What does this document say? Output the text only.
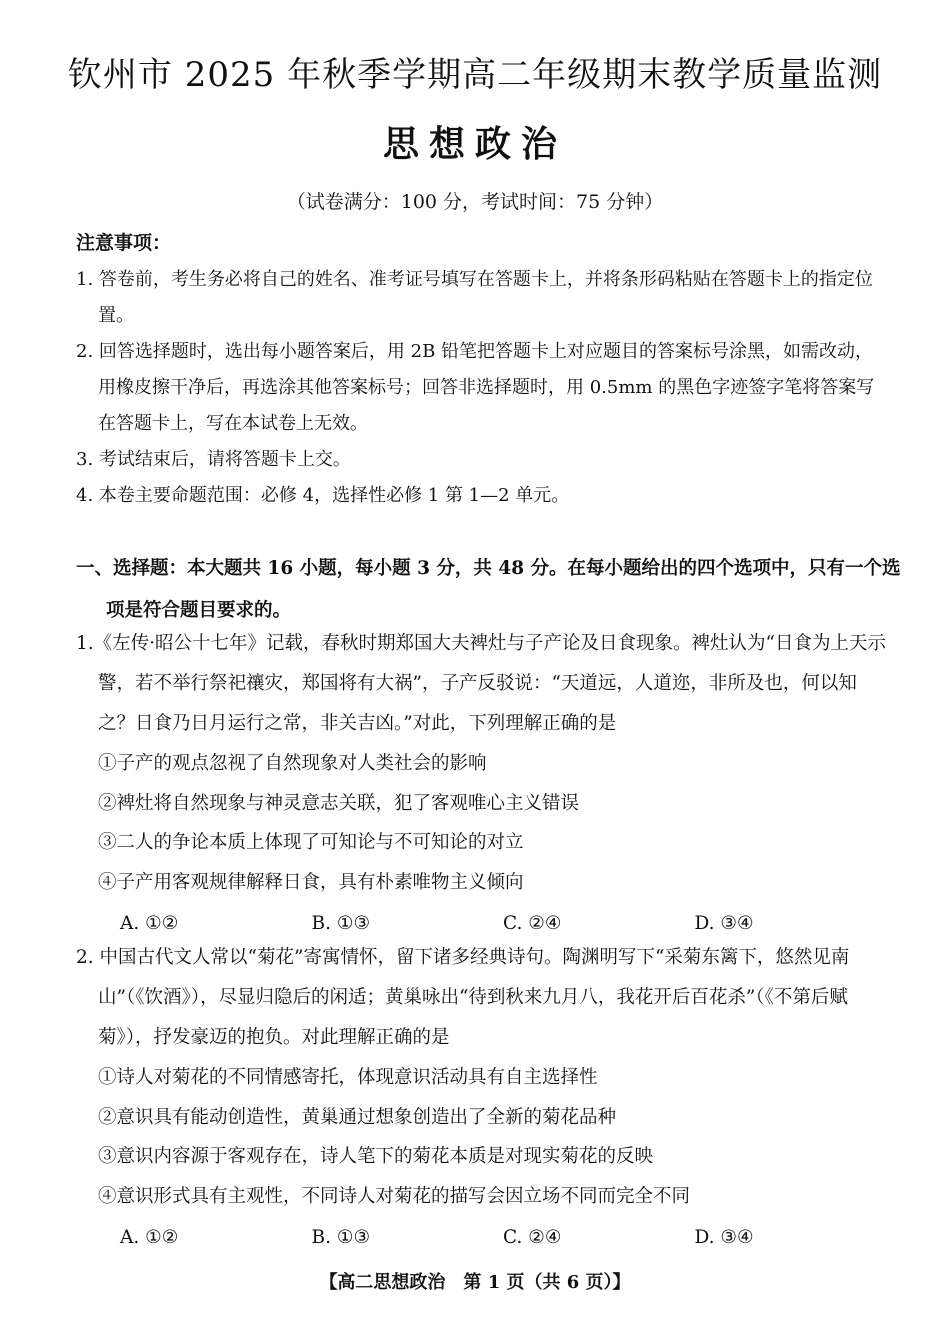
钦州市 2025 年秋季学期高二年级期末教学质量监测
思想政治
（试卷满分：100 分，考试时间：75 分钟）
注意事项：
1. 答卷前，考生务必将自己的姓名、准考证号填写在答题卡上，并将条形码粘贴在答题卡上的指定位置。
2. 回答选择题时，选出每小题答案后，用 2B 铅笔把答题卡上对应题目的答案标号涂黑，如需改动，用橡皮擦干净后，再选涂其他答案标号；回答非选择题时，用 0.5mm 的黑色字迹签字笔将答案写在答题卡上，写在本试卷上无效。
3. 考试结束后，请将答题卡上交。
4. 本卷主要命题范围：必修 4，选择性必修 1 第 1—2 单元。
一、选择题：本大题共 16 小题，每小题 3 分，共 48 分。在每小题给出的四个选项中，只有一个选项是符合题目要求的。

1.《左传·昭公十七年》记载，春秋时期郑国大夫裨灶与子产论及日食现象。裨灶认为“日食为上天示警，若不举行祭祀禳灾，郑国将有大祸”，子产反驳说：“天道远，人道迩，非所及也，何以知之？日食乃日月运行之常，非关吉凶。”对此，下列理解正确的是

①子产的观点忽视了自然现象对人类社会的影响

②裨灶将自然现象与神灵意志关联，犯了客观唯心主义错误

③二人的争论本质上体现了可知论与不可知论的对立

④子产用客观规律解释日食，具有朴素唯物主义倾向

A. ①②	B. ①③	C. ②④	D. ③④

2. 中国古代文人常以“菊花”寄寓情怀，留下诸多经典诗句。陶渊明写下“采菊东篱下，悠然见南山”（《饮酒》），尽显归隐后的闲适；黄巢咏出“待到秋来九月八，我花开后百花杀”（《不第后赋菊》），抒发豪迈的抱负。对此理解正确的是

①诗人对菊花的不同情感寄托，体现意识活动具有自主选择性

②意识具有能动创造性，黄巢通过想象创造出了全新的菊花品种

③意识内容源于客观存在，诗人笔下的菊花本质是对现实菊花的反映

④意识形式具有主观性，不同诗人对菊花的描写会因立场不同而完全不同

A. ①②	B. ①③	C. ②④	D. ③④
【高二思想政治　第 1 页（共 6 页）】
